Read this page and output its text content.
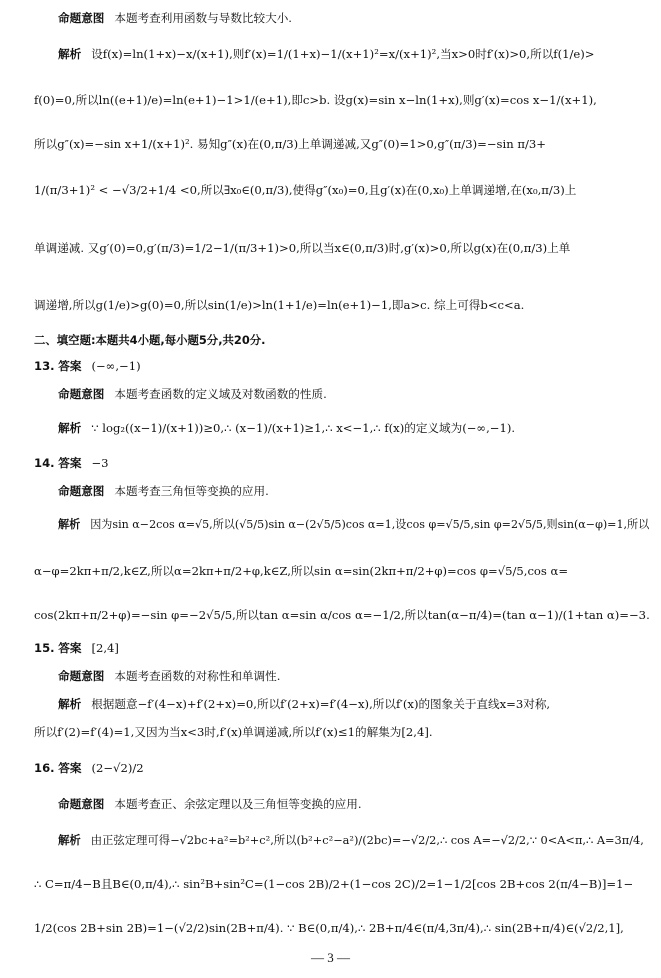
命题意图 本题考查利用函数与导数比较大小.
解析 设f(x)=ln(1+x)−x/(x+1),则f′(x)=1/(1+x)−1/(x+1)²=x/(x+1)²,当x>0时f′(x)>0,所以f(1/e)>
f(0)=0,所以ln((e+1)/e)=ln(e+1)−1>1/(e+1),即c>b. 设g(x)=sin x−ln(1+x),则g′(x)=cos x−1/(x+1),
所以g″(x)=−sin x+1/(x+1)². 易知g″(x)在(0,π/3)上单调递减,又g″(0)=1>0,g″(π/3)=−sin π/3+
1/(π/3+1)² < −√3/2+1/4 <0,所以∃x₀∈(0,π/3),使得g″(x₀)=0,且g′(x)在(0,x₀)上单调递增,在(x₀,π/3)上
单调递减. 又g′(0)=0,g′(π/3)=1/2−1/(π/3+1)>0,所以当x∈(0,π/3)时,g′(x)>0,所以g(x)在(0,π/3)上单
调递增,所以g(1/e)>g(0)=0,所以sin(1/e)>ln(1+1/e)=ln(e+1)−1,即a>c. 综上可得b<c<a.
二、填空题:本题共4小题,每小题5分,共20分.
13. 答案 (−∞,−1)
命题意图 本题考查函数的定义域及对数函数的性质.
解析 ∵ log₂((x−1)/(x+1))≥0,∴ (x−1)/(x+1)≥1,∴ x<−1,∴ f(x)的定义域为(−∞,−1).
14. 答案 −3
命题意图 本题考查三角恒等变换的应用.
解析 因为sin α−2cos α=√5,所以(√5/5)sin α−(2√5/5)cos α=1,设cos φ=√5/5,sin φ=2√5/5,则sin(α−φ)=1,所以
α−φ=2kπ+π/2,k∈Z,所以α=2kπ+π/2+φ,k∈Z,所以sin α=sin(2kπ+π/2+φ)=cos φ=√5/5,cos α=
cos(2kπ+π/2+φ)=−sin φ=−2√5/5,所以tan α=sin α/cos α=−1/2,所以tan(α−π/4)=(tan α−1)/(1+tan α)=−3.
15. 答案 [2,4]
命题意图 本题考查函数的对称性和单调性.
解析 根据题意−f′(4−x)+f′(2+x)=0,所以f′(2+x)=f′(4−x),所以f′(x)的图象关于直线x=3对称,
所以f′(2)=f′(4)=1,又因为当x<3时,f′(x)单调递减,所以f′(x)≤1的解集为[2,4].
16. 答案 (2−√2)/2
命题意图 本题考查正、余弦定理以及三角恒等变换的应用.
解析 由正弦定理可得−√2bc+a²=b²+c²,所以(b²+c²−a²)/(2bc)=−√2/2,∴ cos A=−√2/2,∵ 0<A<π,∴ A=3π/4,
∴ C=π/4−B且B∈(0,π/4),∴ sin²B+sin²C=(1−cos 2B)/2+(1−cos 2C)/2=1−1/2[cos 2B+cos 2(π/4−B)]=1−
1/2(cos 2B+sin 2B)=1−(√2/2)sin(2B+π/4). ∵ B∈(0,π/4),∴ 2B+π/4∈(π/4,3π/4),∴ sin(2B+π/4)∈(√2/2,1],
— 3 —
